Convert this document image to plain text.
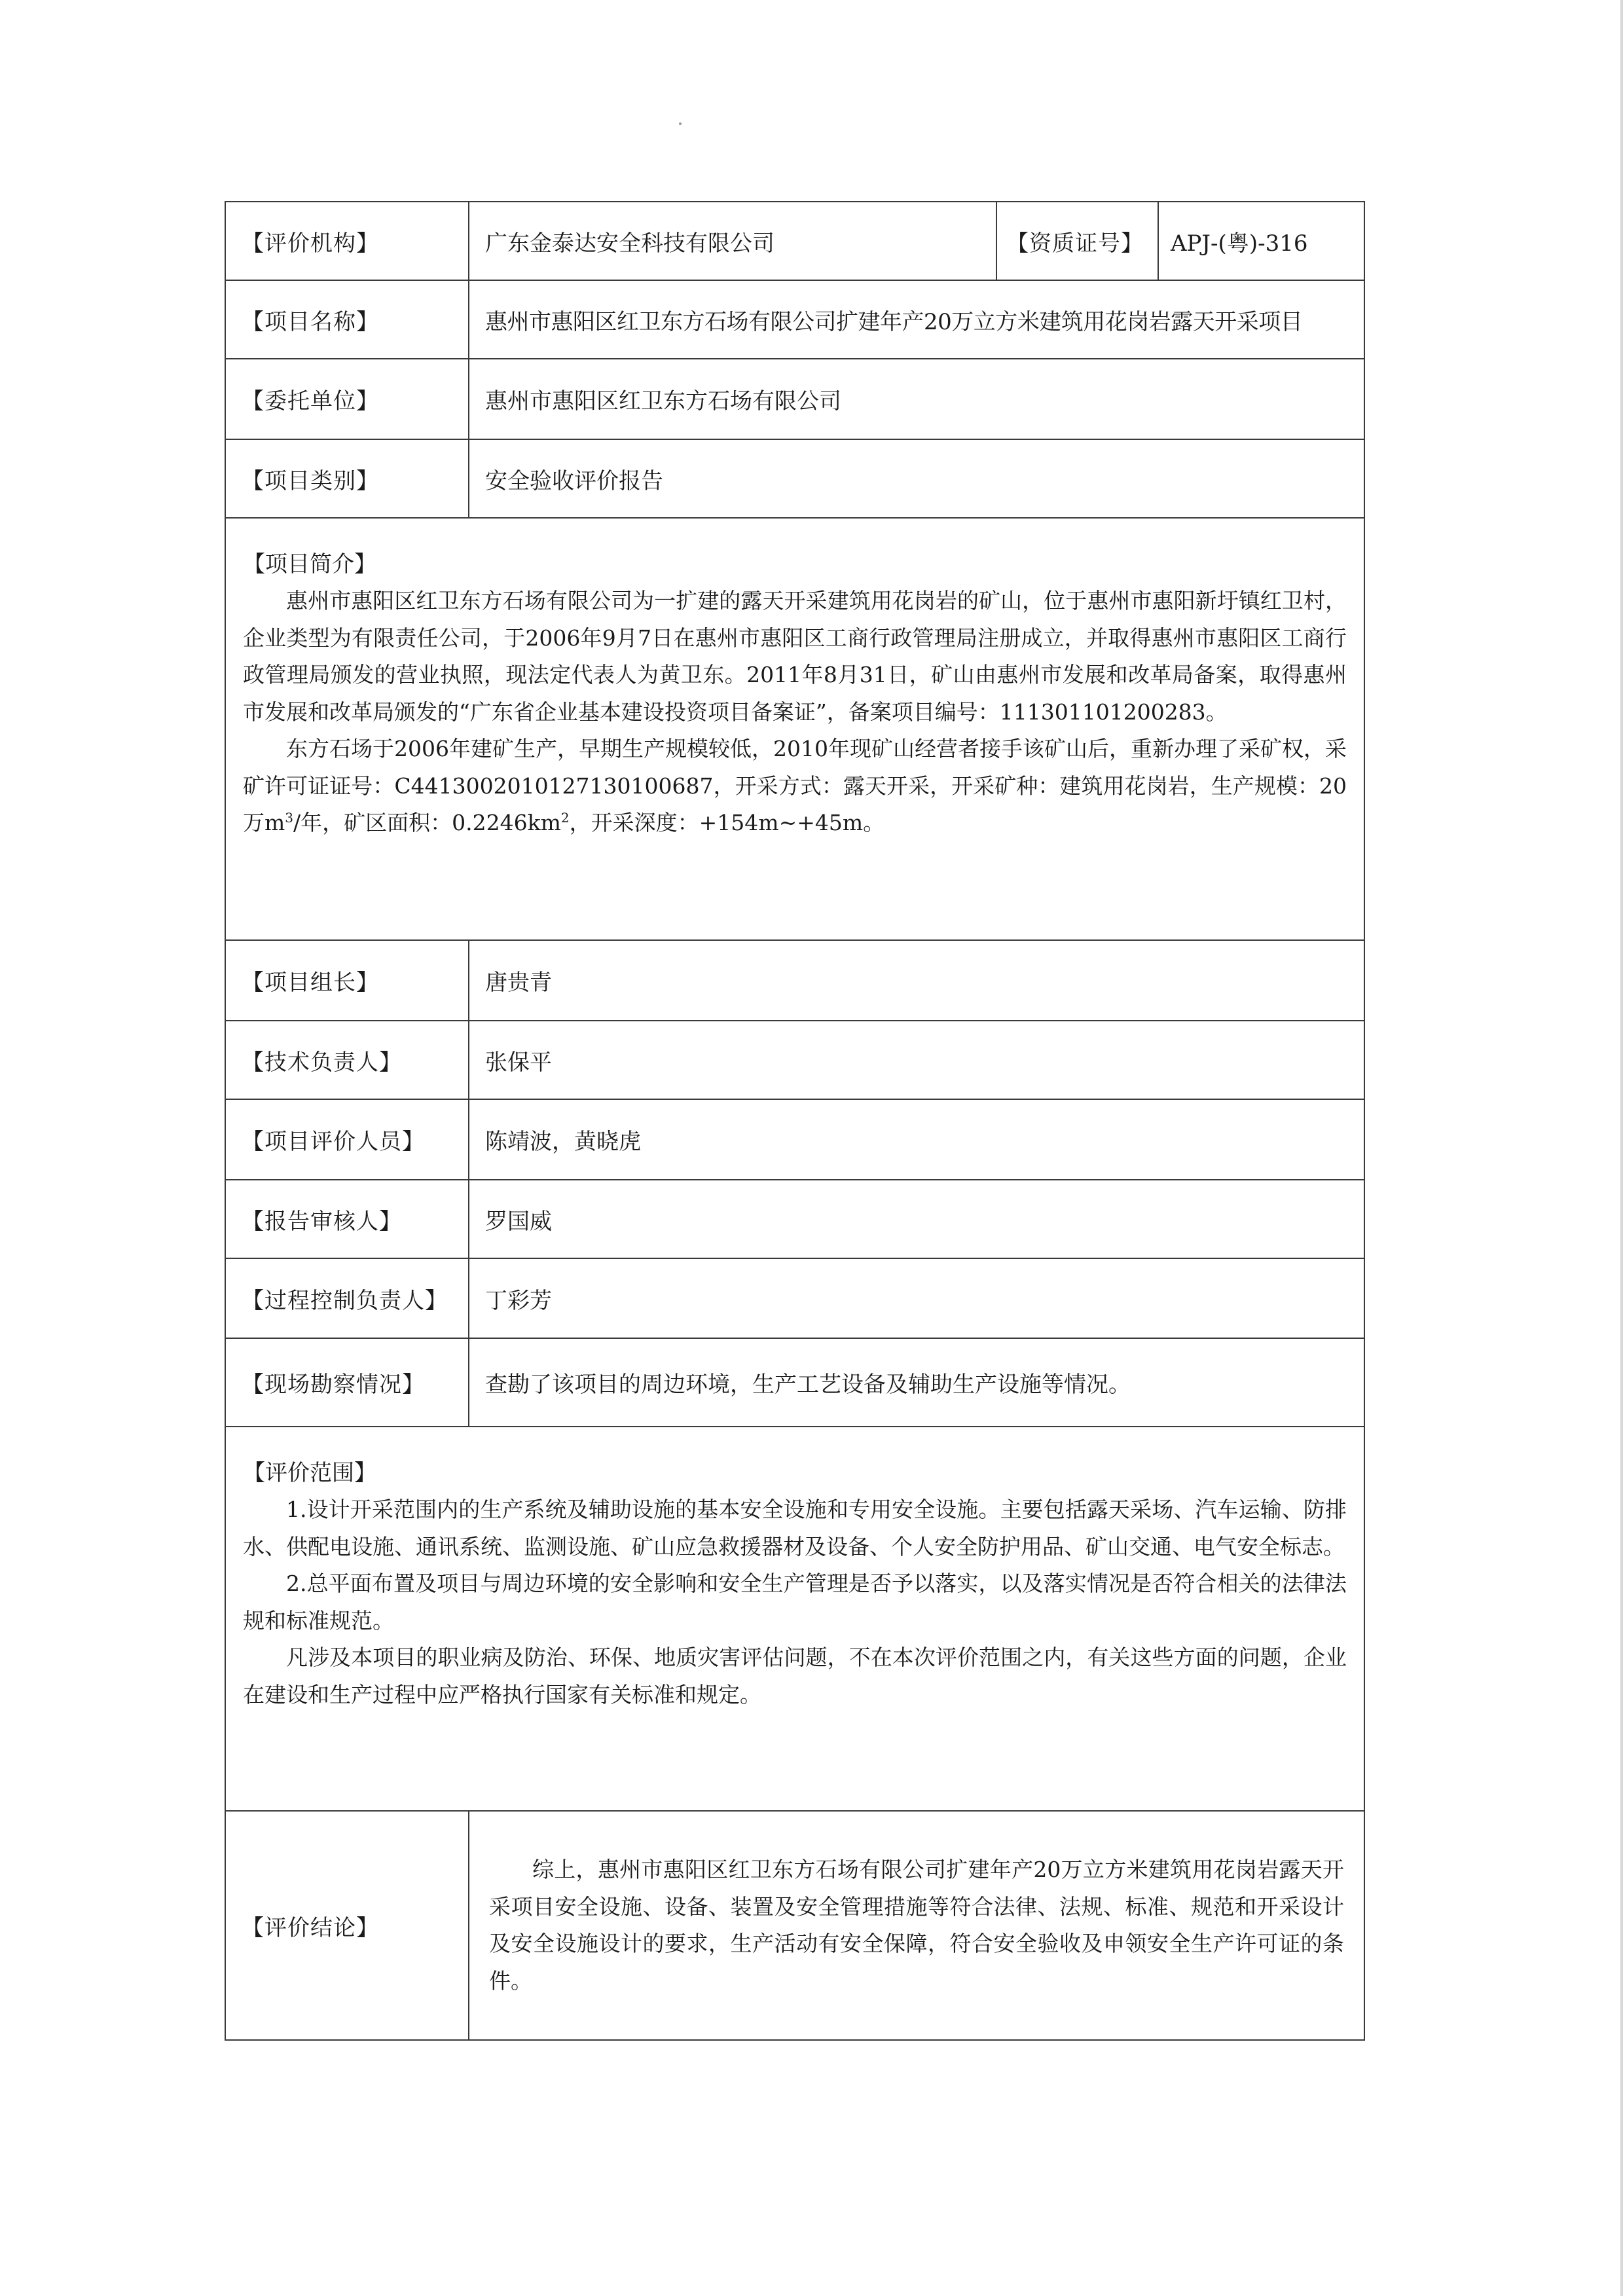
【评价机构】	广东金泰达安全科技有限公司	【资质证号】	APJ-(粤)-316
【项目名称】	惠州市惠阳区红卫东方石场有限公司扩建年产20万立方米建筑用花岗岩露天开采项目		
【委托单位】	惠州市惠阳区红卫东方石场有限公司		
【项目类别】	安全验收评价报告		

【项目简介】

惠州市惠阳区红卫东方石场有限公司为一扩建的露天开采建筑用花岗岩的矿山，位于惠州市惠阳新圩镇红卫村，企业类型为有限责任公司，于2006年9月7日在惠州市惠阳区工商行政管理局注册成立，并取得惠州市惠阳区工商行政管理局颁发的营业执照，现法定代表人为黄卫东。2011年8月31日，矿山由惠州市发展和改革局备案，取得惠州市发展和改革局颁发的“广东省企业基本建设投资项目备案证”，备案项目编号：111301101200283。

东方石场于2006年建矿生产，早期生产规模较低，2010年现矿山经营者接手该矿山后，重新办理了采矿权，采矿许可证证号：C4413002010127130100687，开采方式：露天开采，开采矿种：建筑用花岗岩，生产规模：20万$m^3/$年，矿区面积：$0.2246km^2$，开采深度：+154m~+45m。			

【项目组长】	唐贵青		
【技术负责人】	张保平		
【项目评价人员】	陈靖波，黄晓虎		
【报告审核人】	罗国威		
【过程控制负责人】	丁彩芳		
【现场勘察情况】	查勘了该项目的周边环境，生产工艺设备及辅助生产设施等情况。		

【评价范围】

1.设计开采范围内的生产系统及辅助设施的基本安全设施和专用安全设施。主要包括露天采场、汽车运输、防排水、供配电设施、通讯系统、监测设施、矿山应急救援器材及设备、个人安全防护用品、矿山交通、电气安全标志。

2.总平面布置及项目与周边环境的安全影响和安全生产管理是否予以落实，以及落实情况是否符合相关的法律法规和标准规范。

凡涉及本项目的职业病及防治、环保、地质灾害评估问题，不在本次评价范围之内，有关这些方面的问题，企业在建设和生产过程中应严格执行国家有关标准和规定。			

【评价结论】	综上，惠州市惠阳区红卫东方石场有限公司扩建年产20万立方米建筑用花岗岩露天开采项目安全设施、设备、装置及安全管理措施等符合法律、法规、标准、规范和开采设计及安全设施设计的要求，生产活动有安全保障，符合安全验收及申领安全生产许可证的条件。		
